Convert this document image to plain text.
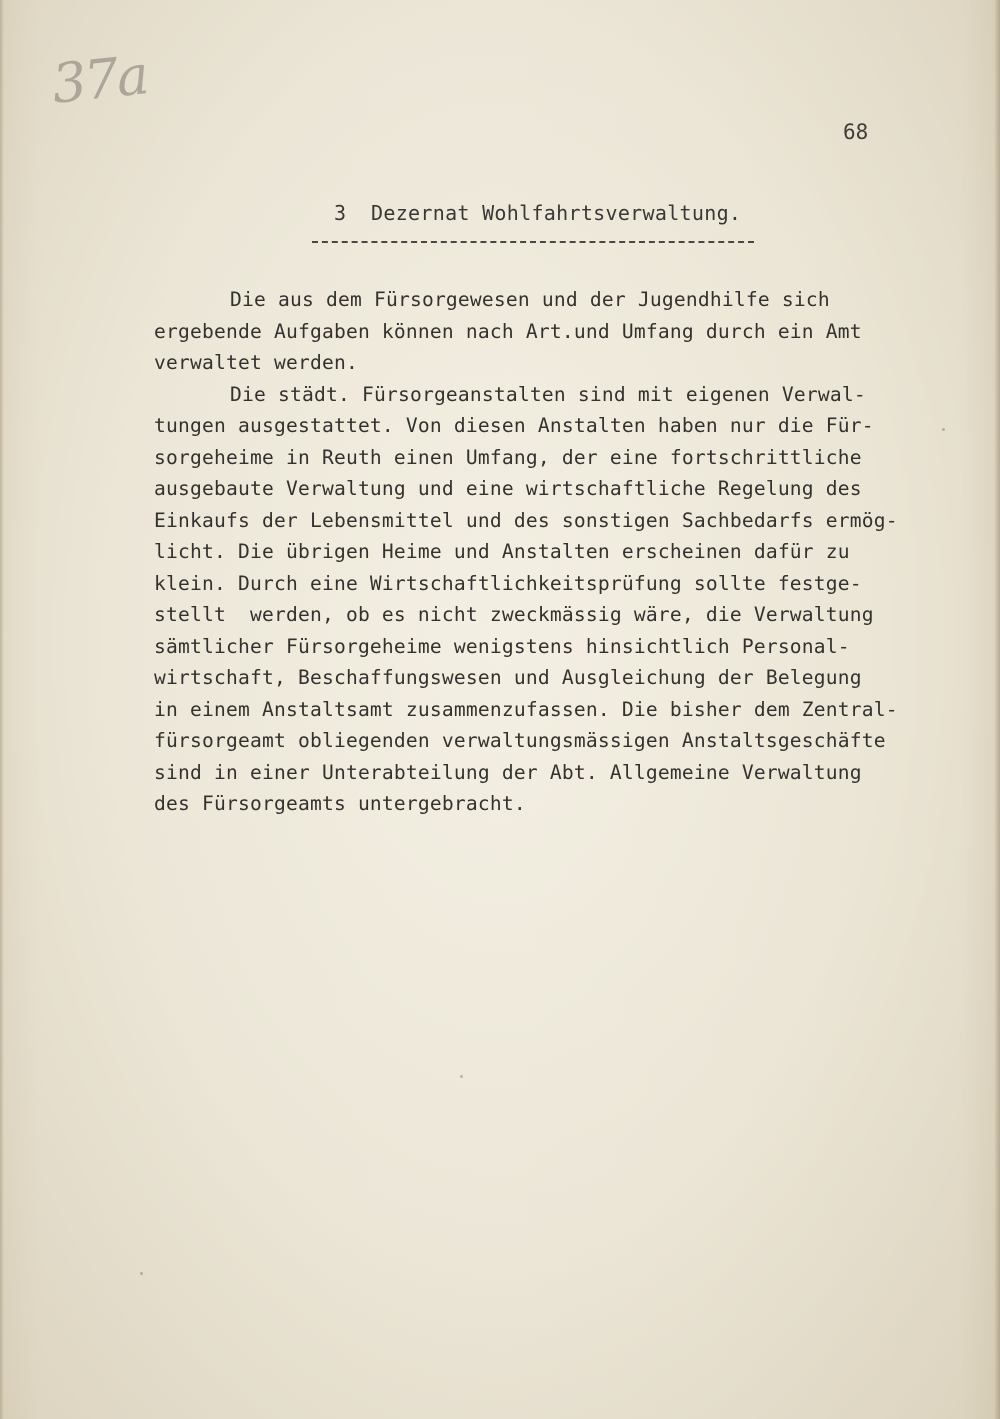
37a
68
3  Dezernat Wohlfahrtsverwaltung.
Die aus dem Fürsorgewesen und der Jugendhilfe sich
ergebende Aufgaben können nach Art.und Umfang durch ein Amt
verwaltet werden.
Die städt. Fürsorgeanstalten sind mit eigenen Verwal-
tungen ausgestattet. Von diesen Anstalten haben nur die Für-
sorgeheime in Reuth einen Umfang, der eine fortschrittliche
ausgebaute Verwaltung und eine wirtschaftliche Regelung des
Einkaufs der Lebensmittel und des sonstigen Sachbedarfs ermög-
licht. Die übrigen Heime und Anstalten erscheinen dafür zu
klein. Durch eine Wirtschaftlichkeitsprüfung sollte festge-
stellt  werden, ob es nicht zweckmässig wäre, die Verwaltung
sämtlicher Fürsorgeheime wenigstens hinsichtlich Personal-
wirtschaft, Beschaffungswesen und Ausgleichung der Belegung
in einem Anstaltsamt zusammenzufassen. Die bisher dem Zentral-
fürsorgeamt obliegenden verwaltungsmässigen Anstaltsgeschäfte
sind in einer Unterabteilung der Abt. Allgemeine Verwaltung
des Fürsorgeamts untergebracht.
